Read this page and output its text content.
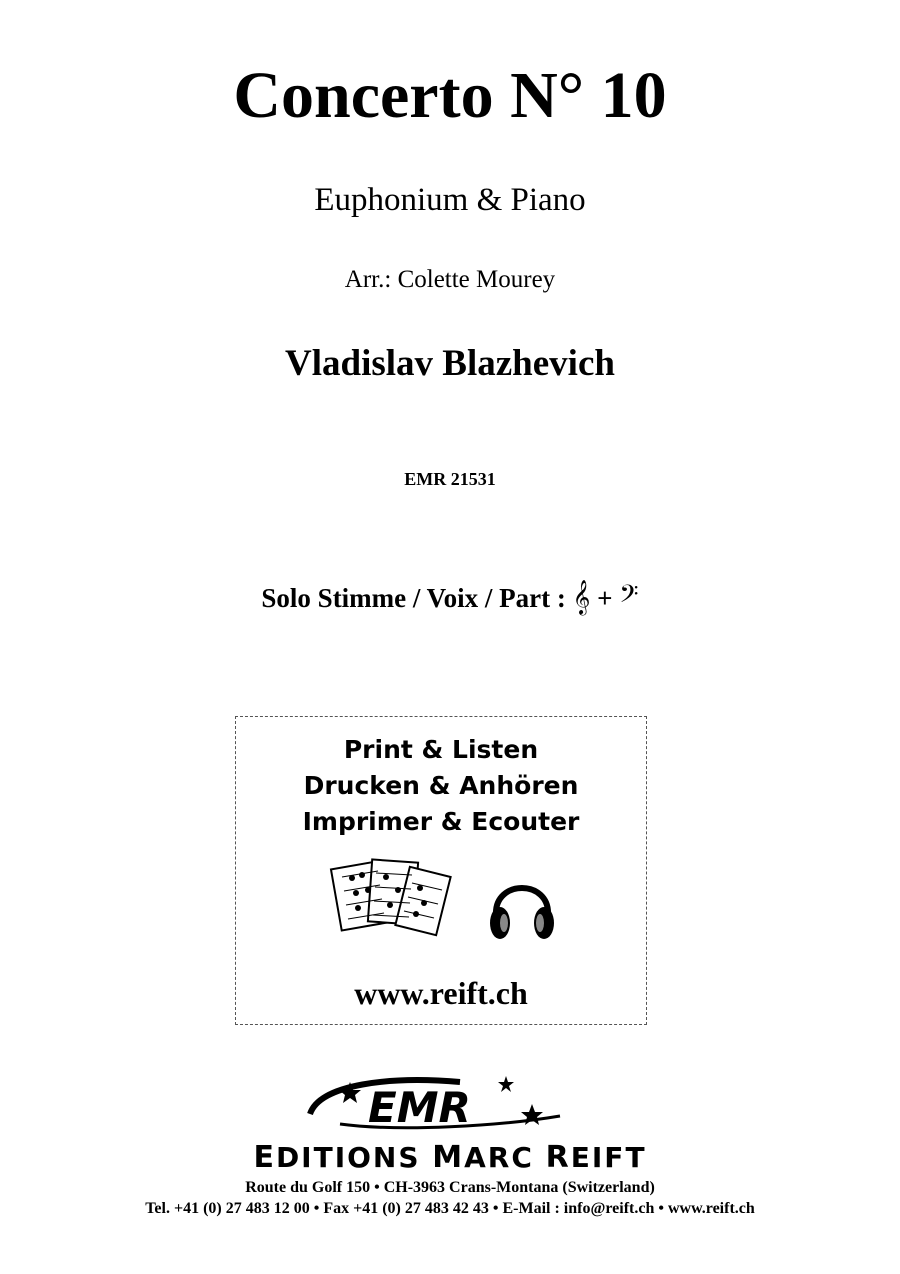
Concerto N° 10
Euphonium & Piano
Arr.: Colette Mourey
Vladislav Blazhevich
EMR 21531
Solo Stimme / Voix / Part : 𝄞 + 𝄢
Print & Listen
Drucken & Anhören
Imprimer & Ecouter
www.reift.ch
EMR
EDITIONS MARC REIFT
Route du Golf 150 • CH-3963 Crans-Montana (Switzerland)
Tel. +41 (0) 27 483 12 00 • Fax +41 (0) 27 483 42 43 • E-Mail : info@reift.ch • www.reift.ch
